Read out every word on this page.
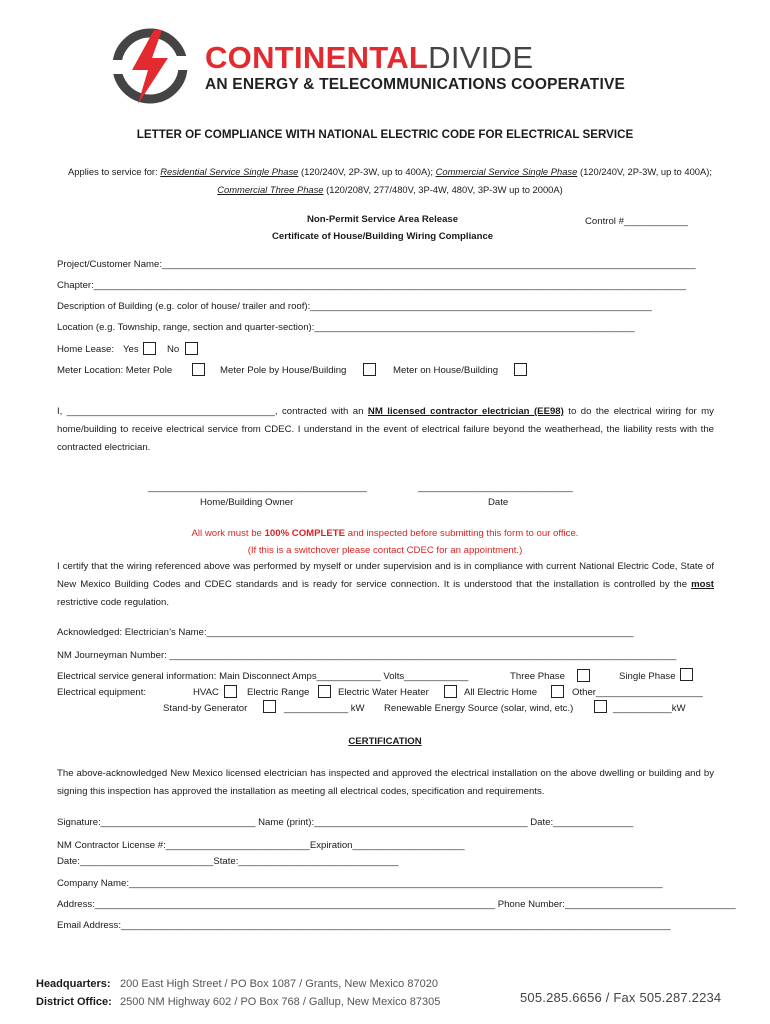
CONTINENTALDIVIDE
AN ENERGY & TELECOMMUNICATIONS COOPERATIVE
LETTER OF COMPLIANCE WITH NATIONAL ELECTRIC CODE FOR ELECTRICAL SERVICE
Applies to service for: Residential Service Single Phase (120/240V, 2P-3W, up to 400A); Commercial Service Single Phase (120/240V, 2P-3W, up to 400A); Commercial Three Phase (120/208V, 277/480V, 3P-4W, 480V, 3P-3W up to 2000A)
Non-Permit Service Area Release	Control #____________
Certificate of House/Building Wiring Compliance
Project/Customer Name:____________________________________________________________________________________________________
Chapter:_______________________________________________________________________________________________________________
Description of Building (e.g. color of house/ trailer and roof):________________________________________________________________
Location (e.g. Township, range, section and quarter-section):____________________________________________________________
Home Lease: Yes	No
Meter Location: Meter Pole	Meter Pole by House/Building	Meter on House/Building
I, _______________________________________, contracted with an NM licensed contractor electrician (EE98) to do the electrical wiring for my home/building to receive electrical service from CDEC. I understand in the event of electrical failure beyond the weatherhead, the liability rests with the contracted electrician.
_________________________________________
Home/Building Owner
_____________________________
Date
All work must be 100% COMPLETE and inspected before submitting this form to our office.
(If this is a switchover please contact CDEC for an appointment.)
I certify that the wiring referenced above was performed by myself or under supervision and is in compliance with current National Electric Code, State of New Mexico Building Codes and CDEC standards and is ready for service connection. It is understood that the installation is controlled by the most restrictive code regulation.
Acknowledged: Electrician’s Name:________________________________________________________________________________
NM Journeyman Number: _______________________________________________________________________________________________
Electrical service general information: Main Disconnect Amps____________ Volts____________	Three Phase	Single Phase
Electrical equipment:	HVAC	Electric Range	Electric Water Heater	All Electric Home	Other____________________
Stand-by Generator	____________ kW Renewable Energy Source (solar, wind, etc.)	___________kW
CERTIFICATION
The above-acknowledged New Mexico licensed electrician has inspected and approved the electrical installation on the above dwelling or building and by signing this inspection has approved the installation as meeting all electrical codes, specification and requirements.
Signature:_____________________________ Name (print):________________________________________ Date:_______________
NM Contractor License #:___________________________Expiration_____________________
Date:_________________________State:______________________________
Company Name:____________________________________________________________________________________________________
Address:___________________________________________________________________________ Phone Number:________________________________
Email Address:_______________________________________________________________________________________________________
Headquarters: 200 East High Street / PO Box 1087 / Grants, New Mexico 87020
District Office: 2500 NM Highway 602 / PO Box 768 / Gallup, New Mexico 87305	505.285.6656 / Fax 505.287.2234
